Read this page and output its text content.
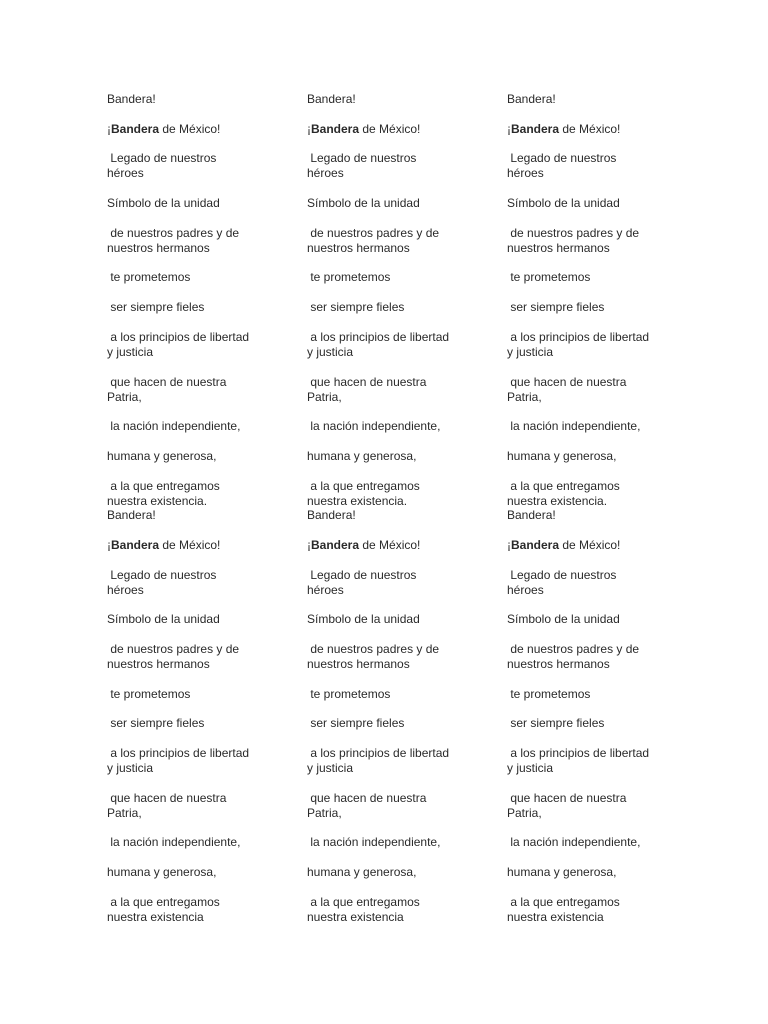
Bandera!

¡Bandera de México!

Legado de nuestros
héroes

Símbolo de la unidad

de nuestros padres y de
nuestros hermanos

te prometemos

ser siempre fieles

a los principios de libertad
y justicia

que hacen de nuestra
Patria,

la nación independiente,

humana y generosa,

a la que entregamos
nuestra existencia.

Bandera!

¡Bandera de México!

Legado de nuestros
héroes

Símbolo de la unidad

de nuestros padres y de
nuestros hermanos

te prometemos

ser siempre fieles

a los principios de libertad
y justicia

que hacen de nuestra
Patria,

la nación independiente,

humana y generosa,

a la que entregamos
nuestra existencia

Bandera!

¡Bandera de México!

Legado de nuestros
héroes

Símbolo de la unidad

de nuestros padres y de
nuestros hermanos

te prometemos

ser siempre fieles

a los principios de libertad
y justicia

que hacen de nuestra
Patria,

la nación independiente,

humana y generosa,

a la que entregamos
nuestra existencia.

Bandera!

¡Bandera de México!

Legado de nuestros
héroes

Símbolo de la unidad

de nuestros padres y de
nuestros hermanos

te prometemos

ser siempre fieles

a los principios de libertad
y justicia

que hacen de nuestra
Patria,

la nación independiente,

humana y generosa,

a la que entregamos
nuestra existencia

Bandera!

¡Bandera de México!

Legado de nuestros
héroes

Símbolo de la unidad

de nuestros padres y de
nuestros hermanos

te prometemos

ser siempre fieles

a los principios de libertad
y justicia

que hacen de nuestra
Patria,

la nación independiente,

humana y generosa,

a la que entregamos
nuestra existencia.

Bandera!

¡Bandera de México!

Legado de nuestros
héroes

Símbolo de la unidad

de nuestros padres y de
nuestros hermanos

te prometemos

ser siempre fieles

a los principios de libertad
y justicia

que hacen de nuestra
Patria,

la nación independiente,

humana y generosa,

a la que entregamos
nuestra existencia
